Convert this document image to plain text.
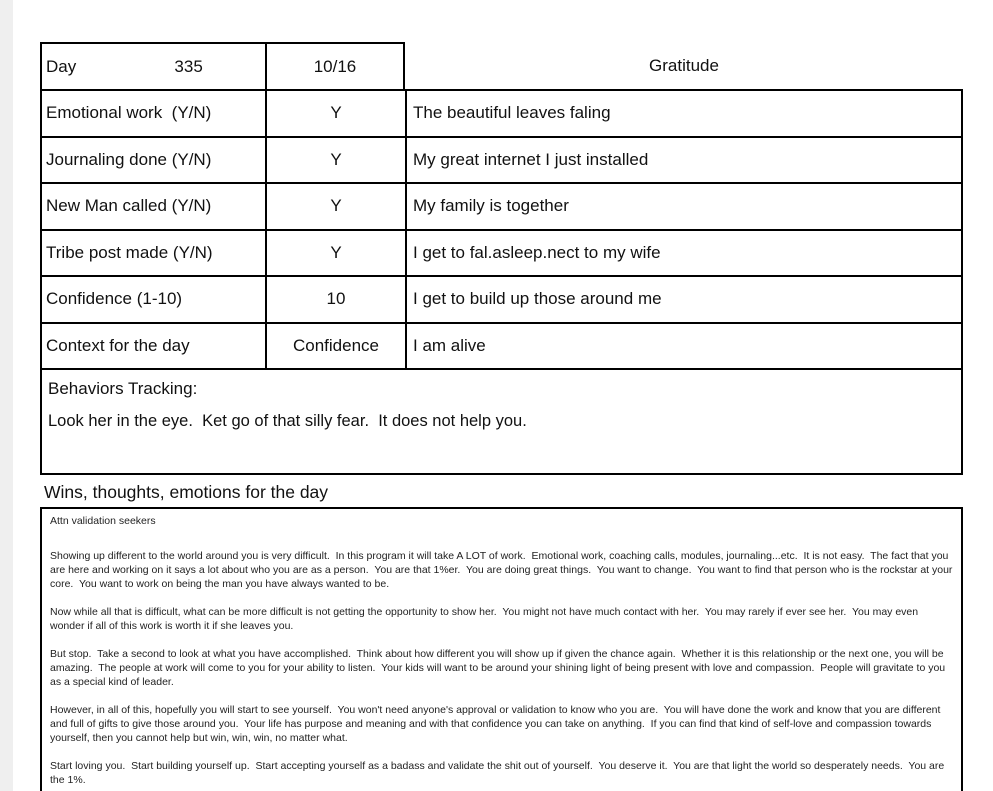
Day	335	10/16	Gratitude
Emotional work  (Y/N)	Y	The beautiful leaves faling
Journaling done (Y/N)	Y	My great internet I just installed
New Man called (Y/N)	Y	My family is together
Tribe post made (Y/N)	Y	I get to fal.asleep.nect to my wife
Confidence (1-10)	10	I get to build up those around me
Context for the day	Confidence	I am alive

Behaviors Tracking:

Look her in the eye.  Ket go of that silly fear.  It does not help you.

Wins, thoughts, emotions for the day

Attn validation seekers

Showing up different to the world around you is very difficult.  In this program it will take A LOT of work.  Emotional work, coaching calls, modules, journaling...etc.  It is not easy.  The fact that you are here and working on it says a lot about who you are as a person.  You are that 1%er.  You are doing great things.  You want to change.  You want to find that person who is the rockstar at your core.  You want to work on being the man you have always wanted to be.

Now while all that is difficult, what can be more difficult is not getting the opportunity to show her.  You might not have much contact with her.  You may rarely if ever see her.  You may even wonder if all of this work is worth it if she leaves you.

But stop.  Take a second to look at what you have accomplished.  Think about how different you will show up if given the chance again.  Whether it is this relationship or the next one, you will be amazing.  The people at work will come to you for your ability to listen.  Your kids will want to be around your shining light of being present with love and compassion.  People will gravitate to you as a special kind of leader.

However, in all of this, hopefully you will start to see yourself.  You won't need anyone's approval or validation to know who you are.  You will have done the work and know that you are different and full of gifts to give those around you.  Your life has purpose and meaning and with that confidence you can take on anything.  If you can find that kind of self-love and compassion towards yourself, then you cannot help but win, win, win, no matter what.

Start loving you.  Start building yourself up.  Start accepting yourself as a badass and validate the shit out of yourself.  You deserve it.  You are that light the world so desperately needs.  You are the 1%.
